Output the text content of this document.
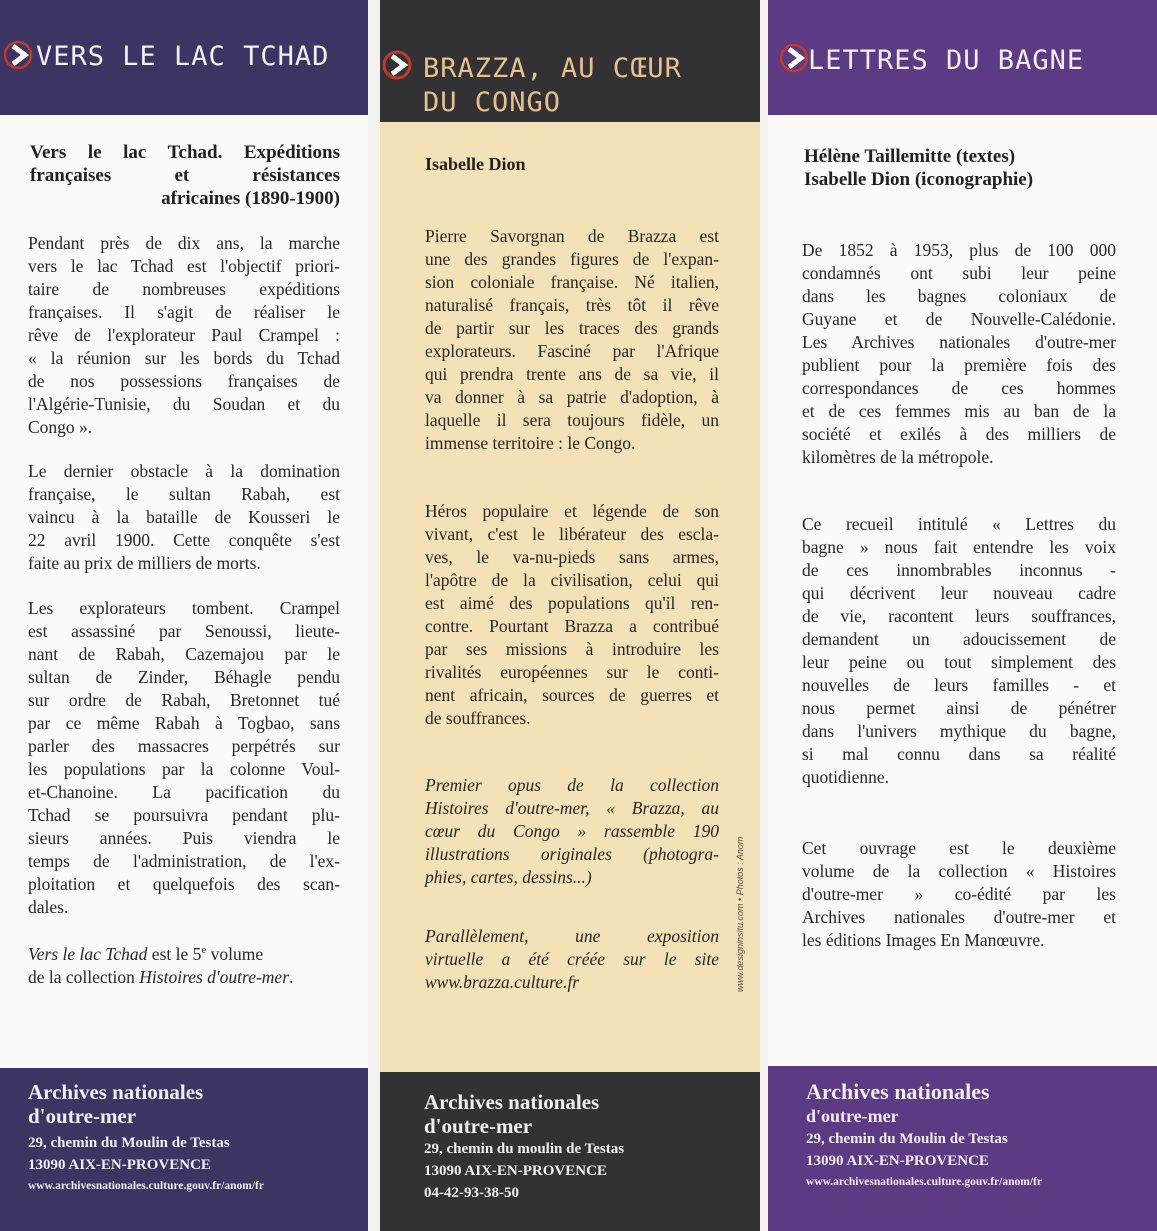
VERS LE LAC TCHAD
Vers le lac Tchad. Expéditions
françaises et résistances
africaines (1890-1900)

Pendant près de dix ans, la marche

vers le lac Tchad est l'objectif priori-

taire de nombreuses expéditions

françaises. Il s'agit de réaliser le

rêve de l'explorateur Paul Crampel :

« la réunion sur les bords du Tchad

de nos possessions françaises de

l'Algérie-Tunisie, du Soudan et du

Congo ».

Le dernier obstacle à la domination

française, le sultan Rabah, est

vaincu à la bataille de Kousseri le

22 avril 1900. Cette conquête s'est

faite au prix de milliers de morts.

Les explorateurs tombent. Crampel

est assassiné par Senoussi, lieute-

nant de Rabah, Cazemajou par le

sultan de Zinder, Béhagle pendu

sur ordre de Rabah, Bretonnet tué

par ce même Rabah à Togbao, sans

parler des massacres perpétrés sur

les populations par la colonne Voul-

et-Chanoine. La pacification du

Tchad se poursuivra pendant plu-

sieurs années. Puis viendra le

temps de l'administration, de l'ex-

ploitation et quelquefois des scan-

dales.

Vers le lac Tchad est le 5e volume

de la collection Histoires d'outre-mer.

Archives nationales
d'outre-mer
29, chemin du Moulin de Testas
13090 AIX-EN-PROVENCE
www.archivesnationales.culture.gouv.fr/anom/fr
BRAZZA, AU CŒUR
DU CONGO
Isabelle Dion

Pierre Savorgnan de Brazza est

une des grandes figures de l'expan-

sion coloniale française. Né italien,

naturalisé français, très tôt il rêve

de partir sur les traces des grands

explorateurs. Fasciné par l'Afrique

qui prendra trente ans de sa vie, il

va donner à sa patrie d'adoption, à

laquelle il sera toujours fidèle, un

immense territoire : le Congo.

Héros populaire et légende de son

vivant, c'est le libérateur des escla-

ves, le va-nu-pieds sans armes,

l'apôtre de la civilisation, celui qui

est aimé des populations qu'il ren-

contre. Pourtant Brazza a contribué

par ses missions à introduire les

rivalités européennes sur le conti-

nent africain, sources de guerres et

de souffrances.

Premier opus de la collection

Histoires d'outre-mer, « Brazza, au

cœur du Congo » rassemble 190

illustrations originales (photogra-

phies, cartes, dessins...)

Parallèlement, une exposition

virtuelle a été créée sur le site

www.brazza.culture.fr

Archives nationales
d'outre-mer
29, chemin du moulin de Testas
13090 AIX-EN-PROVENCE
04-42-93-38-50
www.designinsitu.com • Photos : Anom
LETTRES DU BAGNE
Hélène Taillemitte (textes)
Isabelle Dion (iconographie)

De 1852 à 1953, plus de 100 000

condamnés ont subi leur peine

dans les bagnes coloniaux de

Guyane et de Nouvelle-Calédonie.

Les Archives nationales d'outre-mer

publient pour la première fois des

correspondances de ces hommes

et de ces femmes mis au ban de la

société et exilés à des milliers de

kilomètres de la métropole.

Ce recueil intitulé « Lettres du

bagne » nous fait entendre les voix

de ces innombrables inconnus -

qui décrivent leur nouveau cadre

de vie, racontent leurs souffrances,

demandent un adoucissement de

leur peine ou tout simplement des

nouvelles de leurs familles - et

nous permet ainsi de pénétrer

dans l'univers mythique du bagne,

si mal connu dans sa réalité

quotidienne.

Cet ouvrage est le deuxième

volume de la collection « Histoires

d'outre-mer » co-édité par les

Archives nationales d'outre-mer et

les éditions Images En Manœuvre.

Archives nationales
d'outre-mer
29, chemin du Moulin de Testas
13090 AIX-EN-PROVENCE
www.archivesnationales.culture.gouv.fr/anom/fr
